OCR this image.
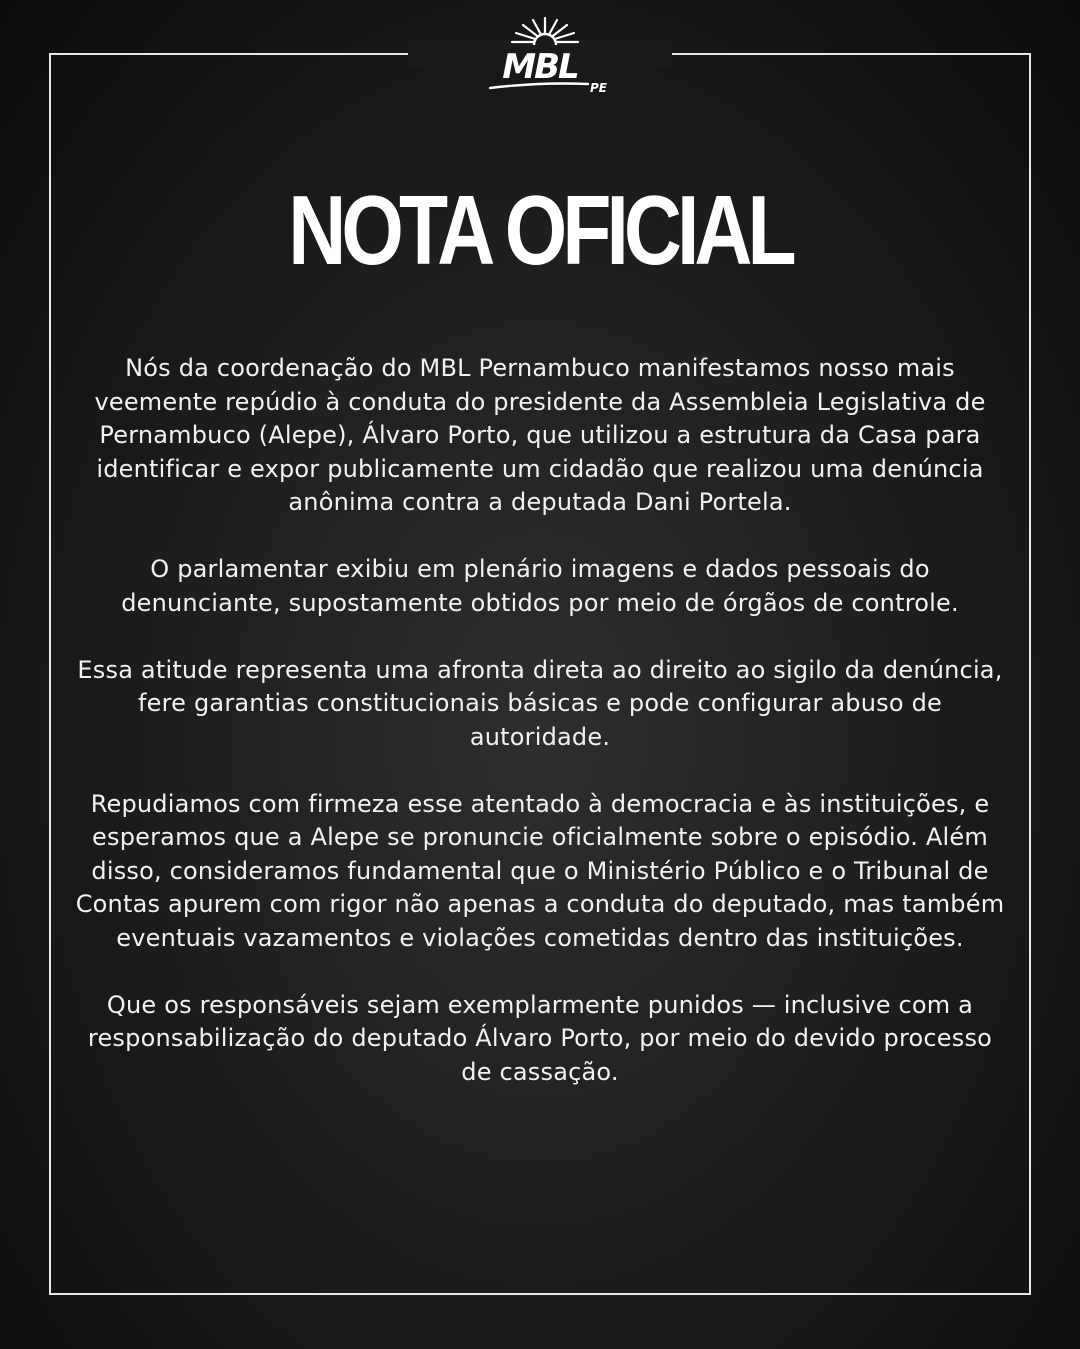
MBL
PE
NOTA OFICIAL

Nós da coordenação do MBL Pernambuco manifestamos nosso mais veemente repúdio à conduta do presidente da Assembleia Legislativa de Pernambuco (Alepe), Álvaro Porto, que utilizou a estrutura da Casa para identificar e expor publicamente um cidadão que realizou uma denúncia anônima contra a deputada Dani Portela.

O parlamentar exibiu em plenário imagens e dados pessoais do denunciante, supostamente obtidos por meio de órgãos de controle.

Essa atitude representa uma afronta direta ao direito ao sigilo da denúncia, fere garantias constitucionais básicas e pode configurar abuso de autoridade.

Repudiamos com firmeza esse atentado à democracia e às instituições, e esperamos que a Alepe se pronuncie oficialmente sobre o episódio. Além disso, consideramos fundamental que o Ministério Público e o Tribunal de Contas apurem com rigor não apenas a conduta do deputado, mas também eventuais vazamentos e violações cometidas dentro das instituições.

Que os responsáveis sejam exemplarmente punidos — inclusive com a responsabilização do deputado Álvaro Porto, por meio do devido processo de cassação.
